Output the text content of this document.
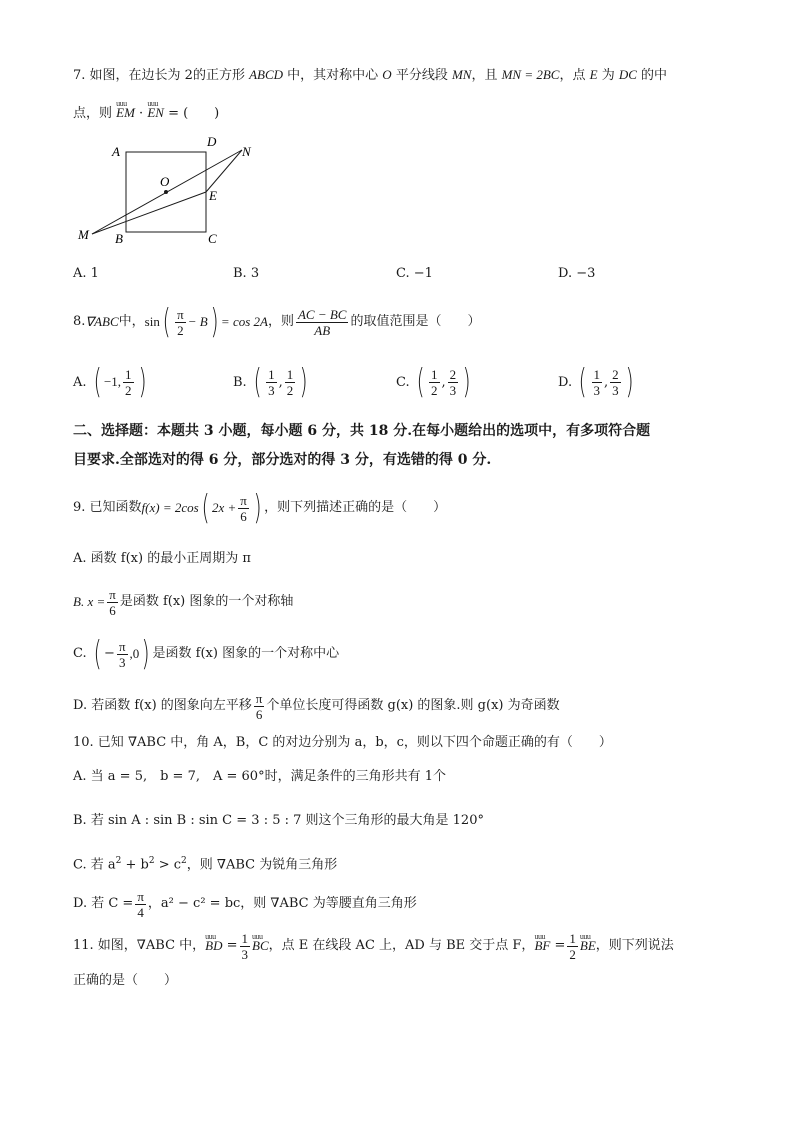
7. 如图，在边长为 2的正方形 ABCD 中，其对称中心 O 平分线段 MN，且 MN = 2BC，点 E 为 DC 的中
点，则 uuu EM · uuu EN = (　　)
A
D
N
O
E
M B	C
A. 1	B. 3	C. −1	D. −3
8. ∇ABC 中， sin ( $\frac{\pi}{2} - B$ ) = cos 2A ，则 $\frac{AC - BC}{AB}$ 的取值范围是（　　）
A.
( −1, $\frac{1}{2}$ )	B.
( $\frac{1}{3}$ , $\frac{1}{2}$ )	C.
( $\frac{1}{2}$ , $\frac{2}{3}$ )	D.
( $\frac{1}{3}$ , $\frac{2}{3}$ )
二、选择题：本题共 3 小题，每小题 6 分，共 18 分.在每小题给出的选项中，有多项符合题
目要求.全部选对的得 6 分，部分选对的得 3 分，有选错的得 0 分.
9. 已知函数 f(x) = 2cos ( $2x + \frac{\pi}{6}$ ) ，则下列描述正确的是（　　）
A. 函数 f(x) 的最小正周期为 π
B. $x = \frac{\pi}{6}$ 是函数 f(x) 图象的一个对称轴
C.
( − $\frac{\pi}{3} ,0$ ) 是函数 f(x) 图象的一个对称中心
D. 若函数 f(x) 的图象向左平移 $\frac{\pi}{6}$ 个单位长度可得函数 g(x) 的图象.则 g(x) 为奇函数
10. 已知 ∇ABC 中，角 A，B，C 的对边分别为 a，b，c，则以下四个命题正确的有（　　）
A. 当 a = 5,　b = 7,　A = 60°时，满足条件的三角形共有 1个
B. 若 sin A : sin B : sin C = 3 : 5 : 7 则这个三角形的最大角是 120°
C. 若 $a^2 + b^2 > c^2$，则 ∇ABC 为锐角三角形
D. 若 $C = \frac{\pi}{4}$ ，a² − c² = bc，则 ∇ABC 为等腰直角三角形
11. 如图，∇ABC 中， uuu BD
= $\frac{1}{3}$ uuu BC ，点 E 在线段 AC 上，AD 与 BE 交于点 F， uuu BF
= $\frac{1}{2}$ uuu BE ，则下列说法
正确的是（　　）
